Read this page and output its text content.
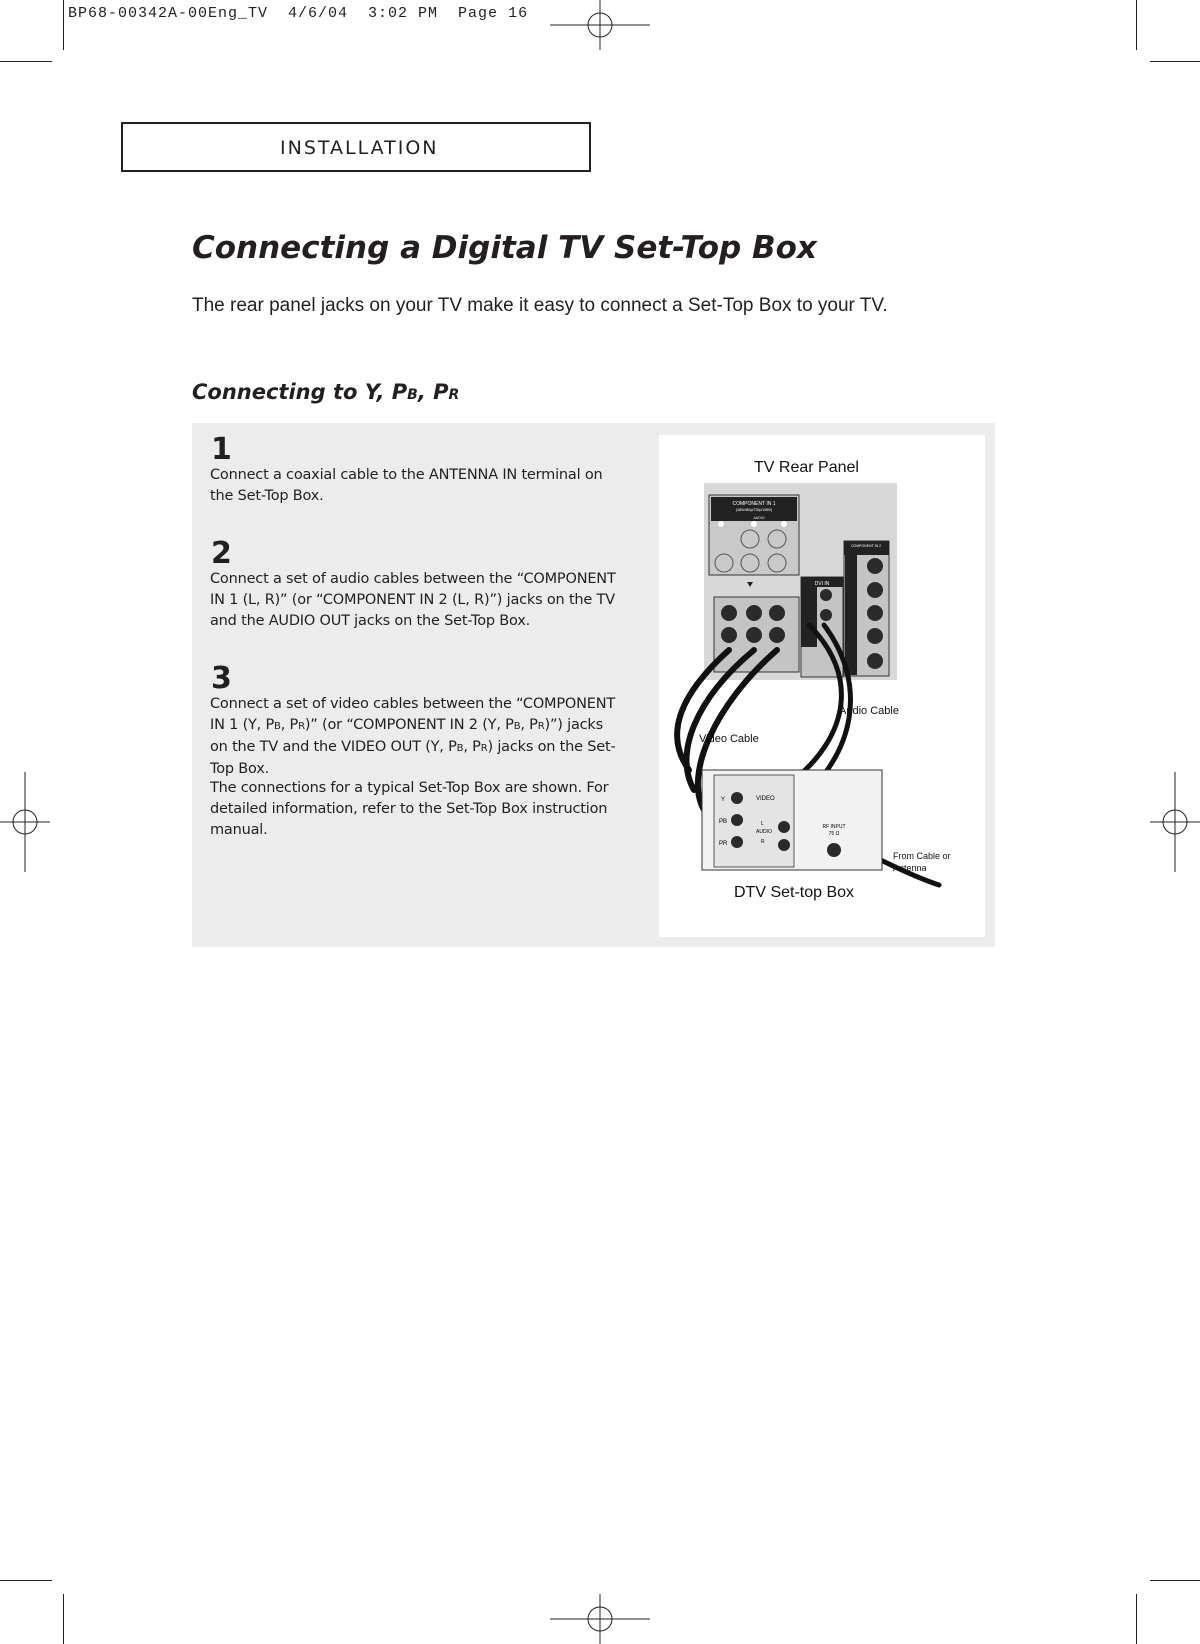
BP68-00342A-00Eng_TV  4/6/04  3:02 PM  Page 16
INSTALLATION
Connecting a Digital TV Set-Top Box
The rear panel jacks on your TV make it easy to connect a Set-Top Box to your TV.
Connecting to Y, PB, PR
1
Connect a coaxial cable to the ANTENNA IN terminal on the Set-Top Box.
2
Connect a set of audio cables between the “COMPONENT IN 1 (L, R)” (or “COMPONENT IN 2 (L, R)”) jacks on the TV and the AUDIO OUT jacks on the Set-Top Box.
3
Connect a set of video cables between the “COMPONENT IN 1 (Y, PB, PR)” (or “COMPONENT IN 2 (Y, PB, PR)”) jacks on the TV and the VIDEO OUT (Y, PB, PR) jacks on the Set-Top Box.
The connections for a typical Set-Top Box are shown. For detailed information, refer to the Set-Top Box instruction manual.
TV Rear Panel
COMPONENT IN 1
(480i/480p/720p/1080i)
AUDIO
DVI IN
COMPONENT IN 2
Audio Cable
Video Cable
Y
PB
PR
VIDEO
L
AUDIO
R
RF INPUT
75 Ω
From Cable or
Antenna
DTV Set-top Box
